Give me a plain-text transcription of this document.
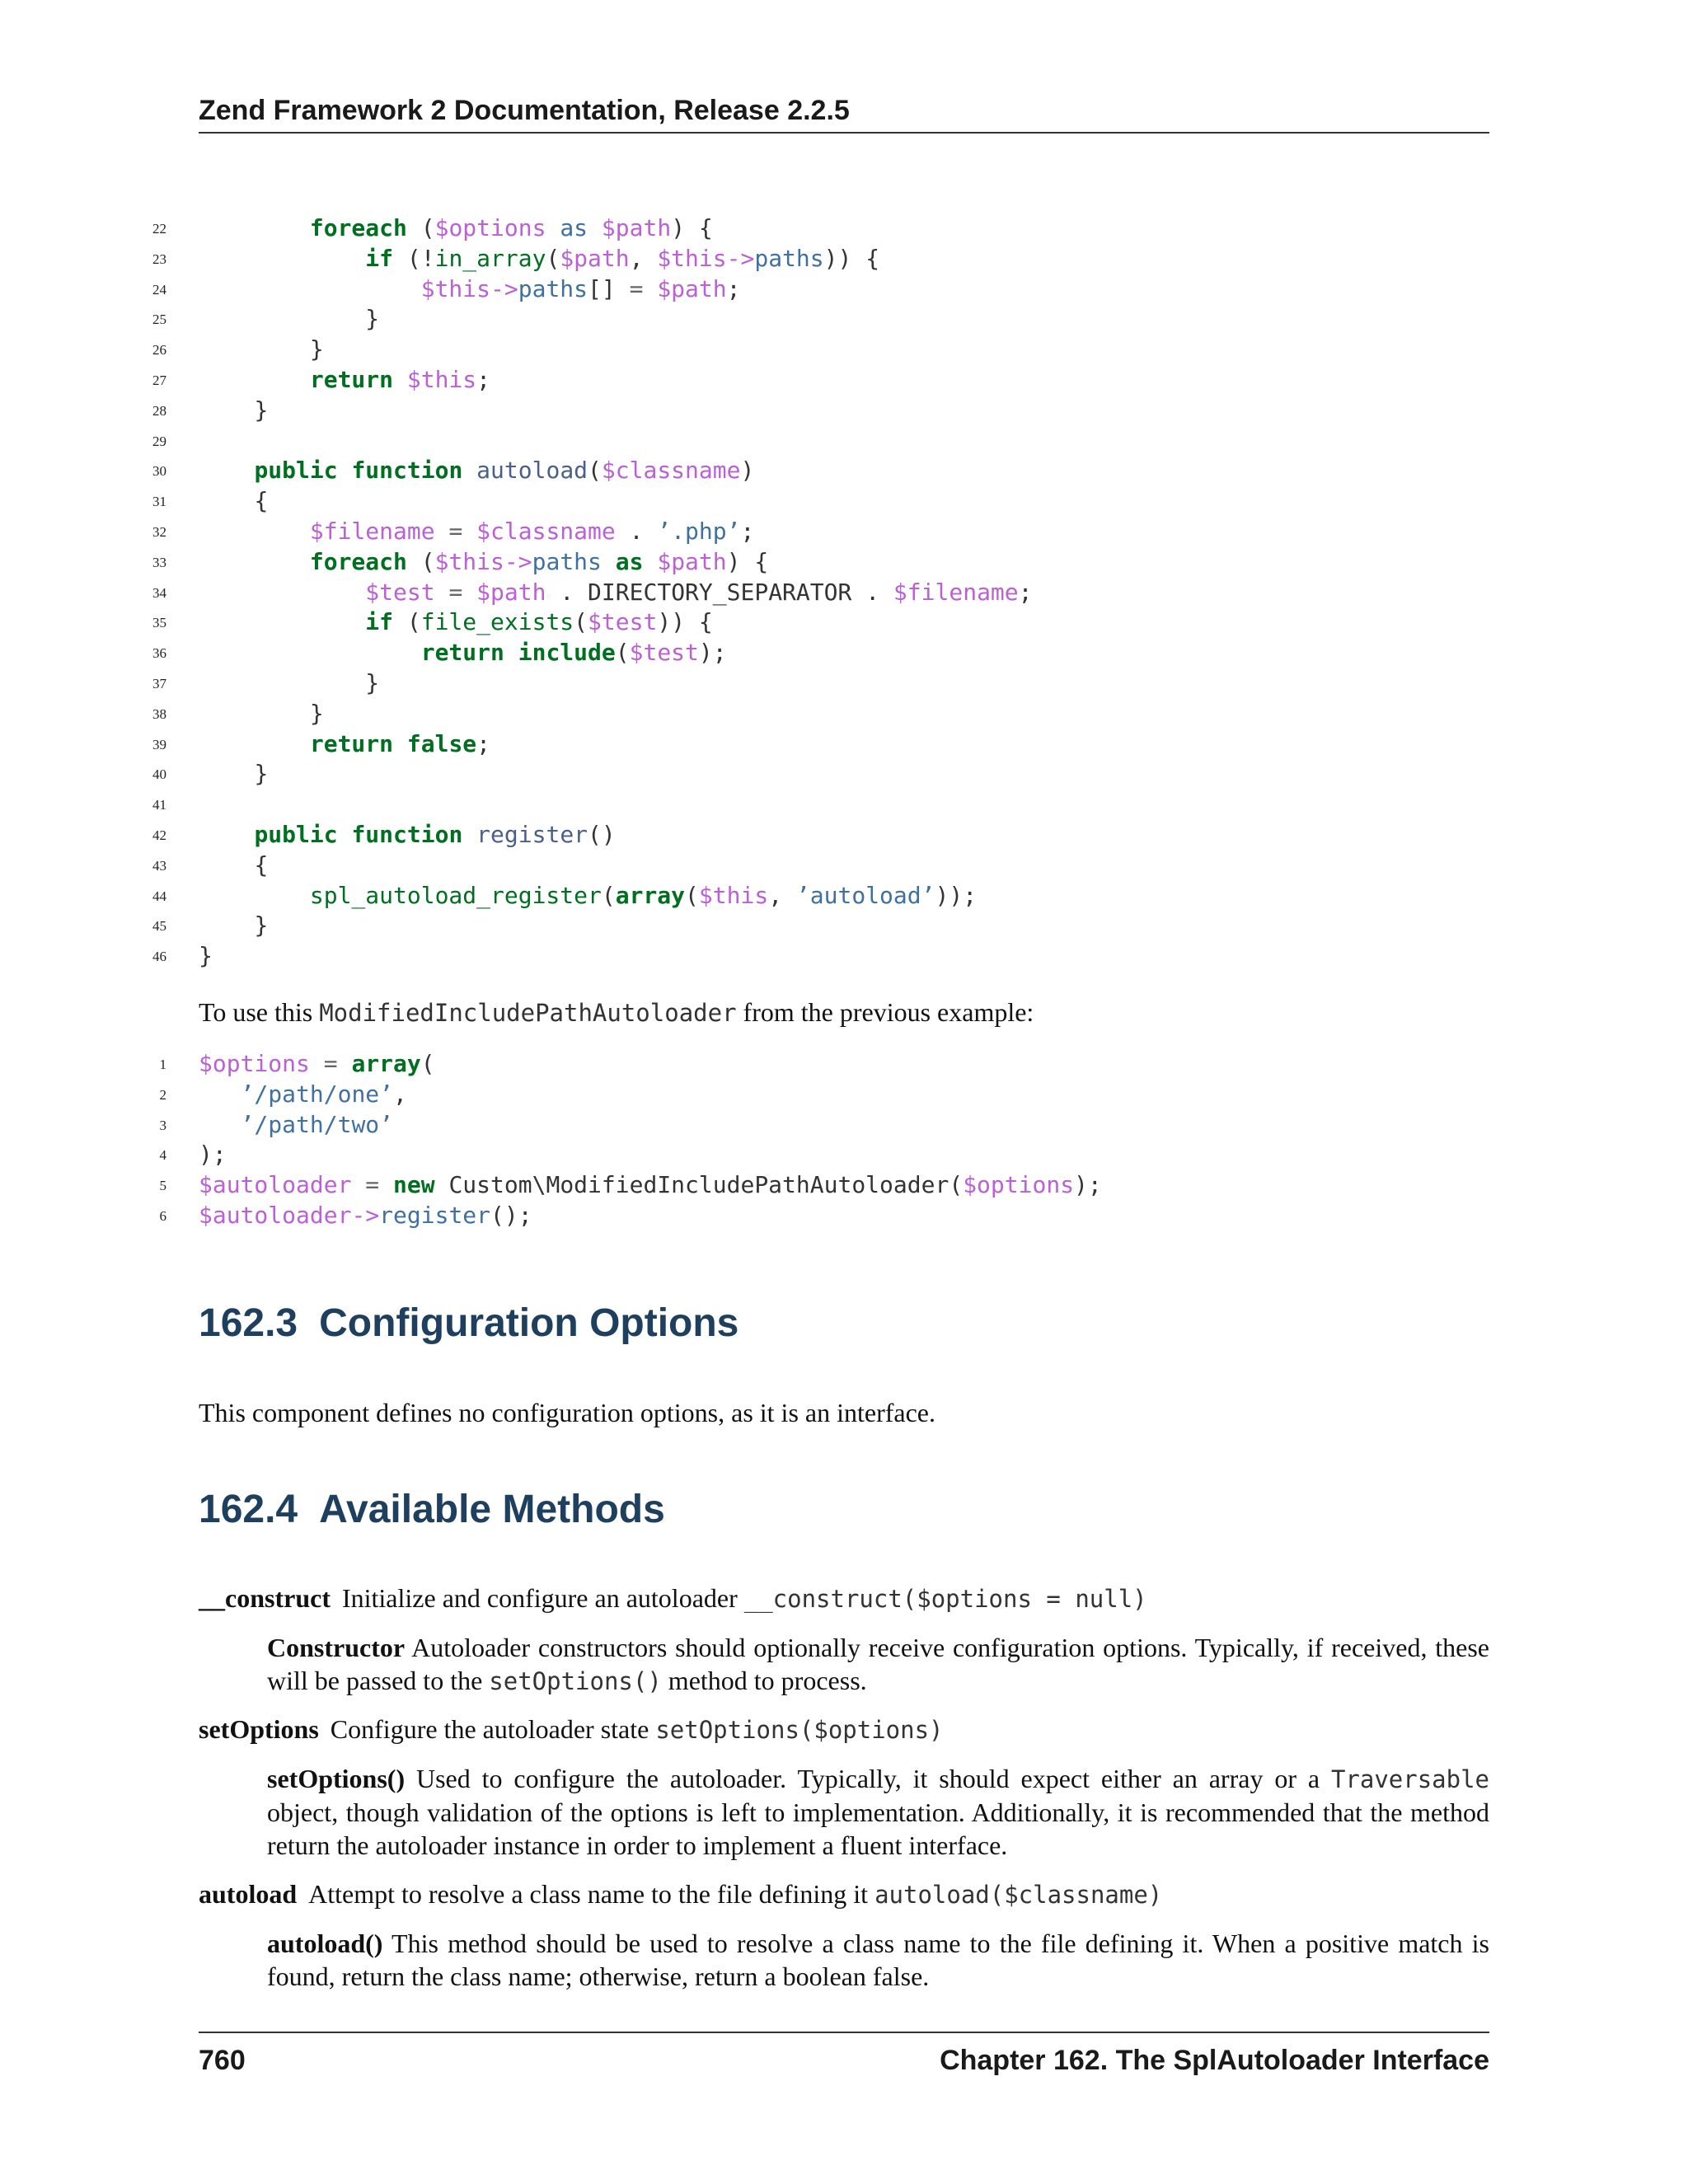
Zend Framework 2 Documentation, Release 2.2.5
22	foreach ($options as $path) {
23	if (!in_array($path, $this->paths)) {
24	$this->paths[] = $path;
25	}
26	}
27	return $this;
28	}
29
30	public function autoload($classname)
31	{
32	$filename = $classname . ’.php’;
33	foreach ($this->paths as $path) {
34	$test = $path . DIRECTORY_SEPARATOR . $filename;
35	if (file_exists($test)) {
36	return include($test);
37	}
38	}
39	return false;
40	}
41
42	public function register()
43	{
44	spl_autoload_register(array($this, ’autoload’));
45	}
46 }
To use this ModifiedIncludePathAutoloader from the previous example:
1 $options = array(
2	’/path/one’,
3	’/path/two’
4 );
5 $autoloader = new Custom\ModifiedIncludePathAutoloader($options);
6 $autoloader->register();
162.3 Configuration Options
This component defines no configuration options, as it is an interface.
162.4 Available Methods
__construct Initialize and configure an autoloader __construct($options = null)
Constructor Autoloader constructors should optionally receive configuration options. Typically, if received, these will be passed to the setOptions() method to process.
setOptions Configure the autoloader state setOptions($options)
setOptions() Used to configure the autoloader. Typically, it should expect either an array or a Traversable object, though validation of the options is left to implementation. Additionally, it is recommended that the method return the autoloader instance in order to implement a fluent interface.
autoload Attempt to resolve a class name to the file defining it autoload($classname)
autoload() This method should be used to resolve a class name to the file defining it. When a positive match is found, return the class name; otherwise, return a boolean false.
760	Chapter 162. The SplAutoloader Interface
